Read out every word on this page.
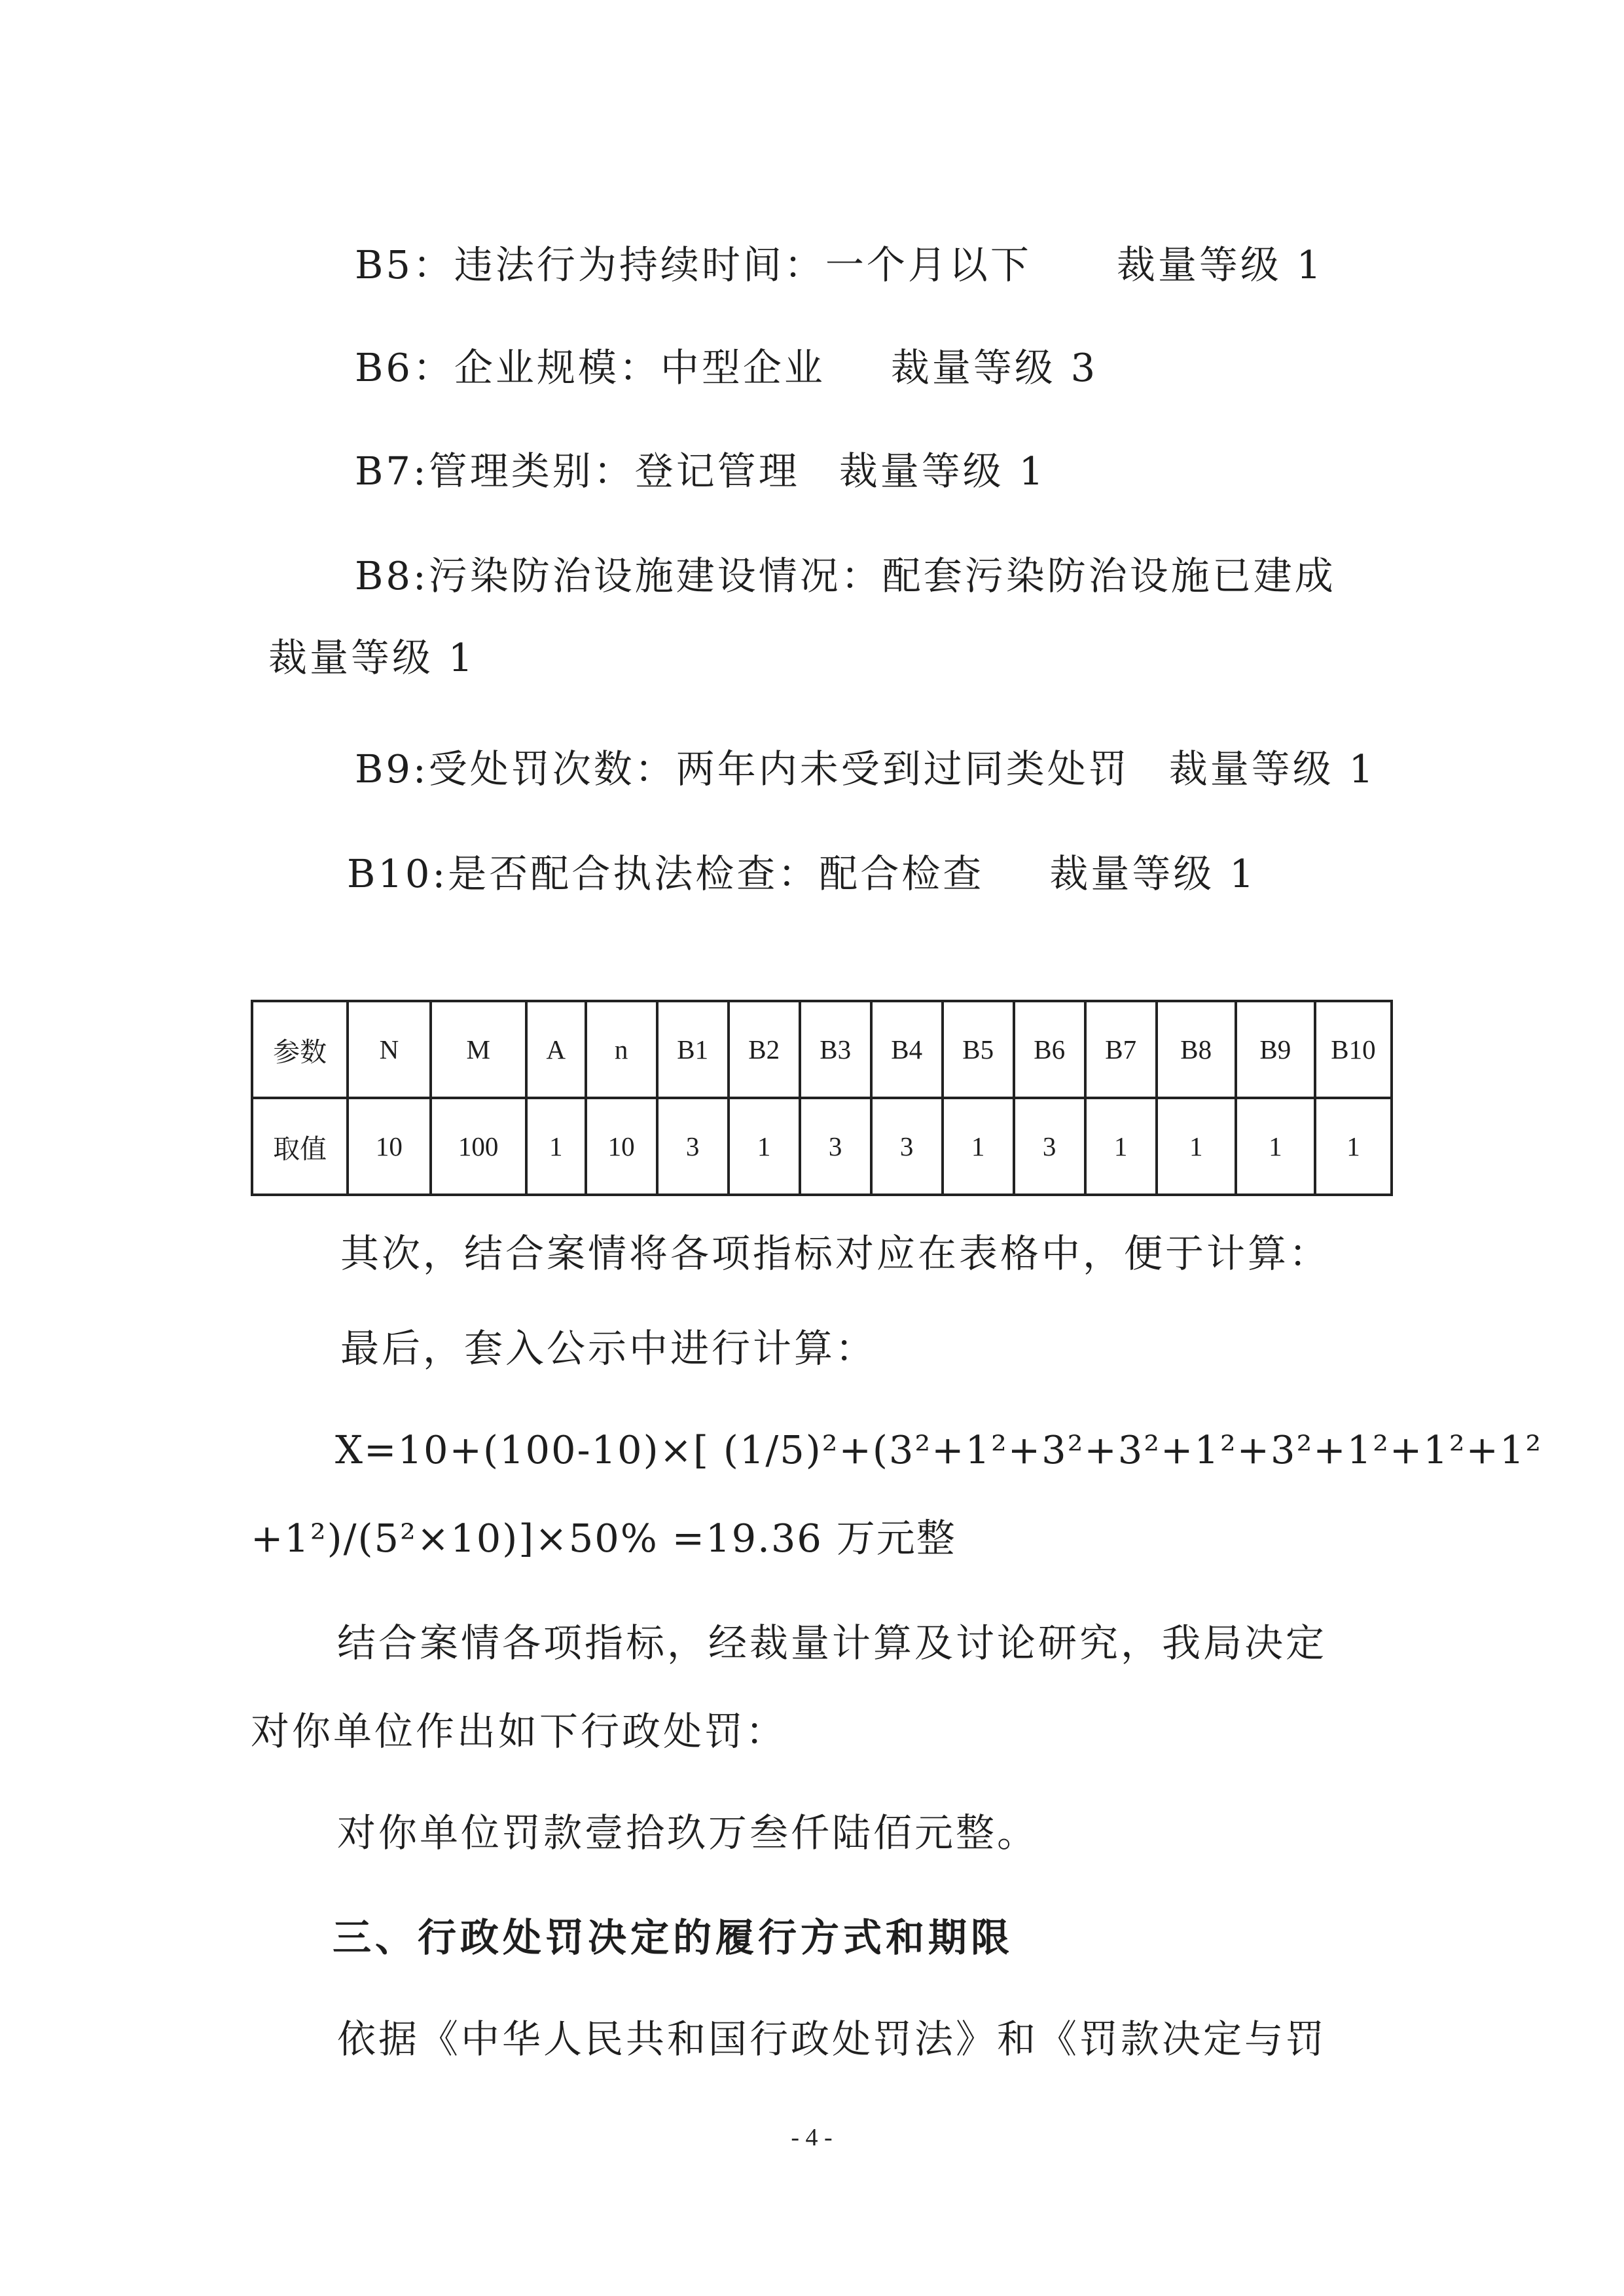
B5：违法行为持续时间：一个月以下 裁量等级 1
B6：企业规模：中型企业 裁量等级 3
B7:管理类别：登记管理 裁量等级 1
B8:污染防治设施建设情况：配套污染防治设施已建成
裁量等级 1
B9:受处罚次数：两年内未受到过同类处罚 裁量等级 1
B10:是否配合执法检查：配合检查 裁量等级 1
参数	N	M	A	n	B1	B2	B3	B4	B5	B6	B7	B8	B9	B10
取值	10	100	1	10	3	1	3	3	1	3	1	1	1	1
其次，结合案情将各项指标对应在表格中，便于计算：
最后，套入公示中进行计算：
X=10+(100-10)×[ (1/5)²+(3²+1²+3²+3²+1²+3²+1²+1²+1²
+1²)/(5²×10)]×50% =19.36 万元整
结合案情各项指标，经裁量计算及讨论研究，我局决定
对你单位作出如下行政处罚：
对你单位罚款壹拾玖万叁仟陆佰元整。
三、行政处罚决定的履行方式和期限
依据《中华人民共和国行政处罚法》和《罚款决定与罚
- 4 -
